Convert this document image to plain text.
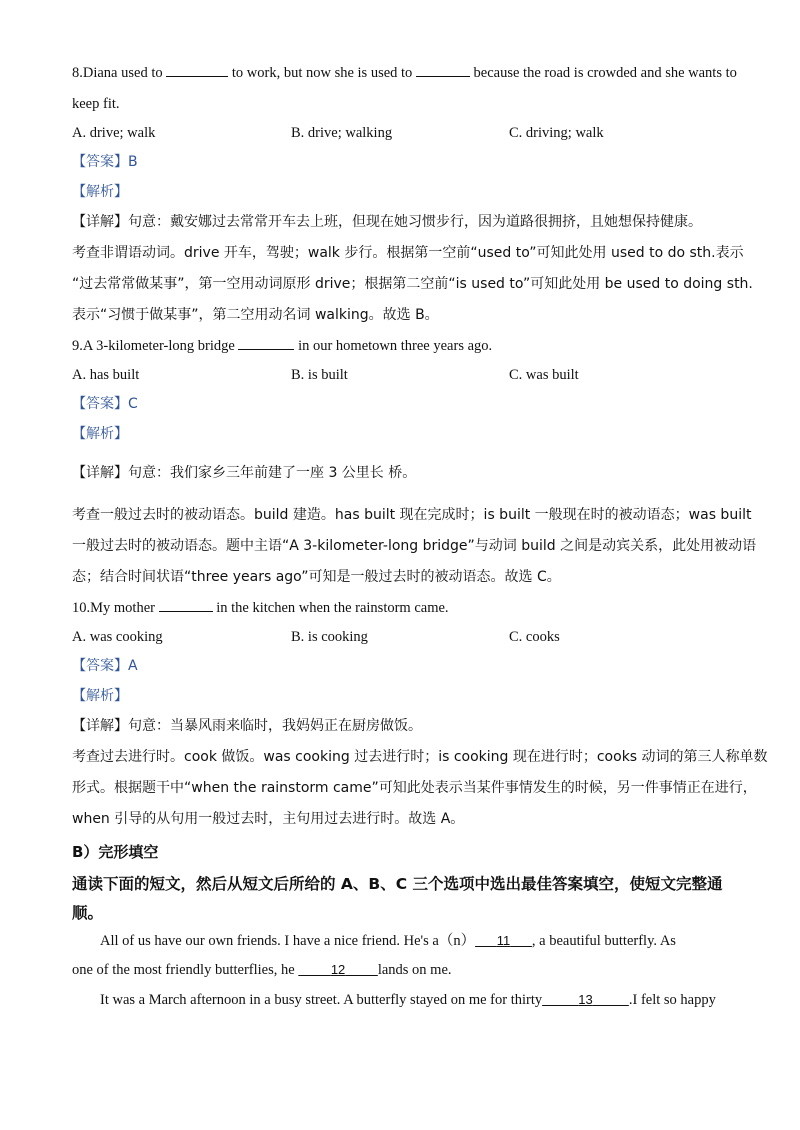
8.Diana used to	to work, but now she is used to	because the road is crowded and she wants to
keep fit.
A. drive; walk	B. drive; walking	C. driving; walk
【答案】B
【解析】
【详解】句意：戴安娜过去常常开车去上班，但现在她习惯步行，因为道路很拥挤，且她想保持健康。
考查非谓语动词。drive 开车，驾驶；walk 步行。根据第一空前“used to”可知此处用 used to do sth.表示
“过去常常做某事”，第一空用动词原形 drive；根据第二空前“is used to”可知此处用 be used to doing sth.
表示“习惯于做某事”，第二空用动名词 walking。故选 B。
9.A 3-kilometer-long bridge	in our hometown three years ago.
A. has built	B. is built	C. was built
【答案】C
【解析】
【详解】句意：我们家乡三年前建了一座 3 公里长 桥。
考查一般过去时的被动语态。build 建造。has built 现在完成时；is built 一般现在时的被动语态；was built
一般过去时的被动语态。题中主语“A 3-kilometer-long bridge”与动词 build 之间是动宾关系，此处用被动语
态；结合时间状语“three years ago”可知是一般过去时的被动语态。故选 C。
10.My mother	in the kitchen when the rainstorm came.
A. was cooking	B. is cooking	C. cooks
【答案】A
【解析】
【详解】句意：当暴风雨来临时，我妈妈正在厨房做饭。
考查过去进行时。cook 做饭。was cooking 过去进行时；is cooking 现在进行时；cooks 动词的第三人称单数
形式。根据题干中“when the rainstorm came”可知此处表示当某件事情发生的时候，另一件事情正在进行，
when 引导的从句用一般过去时，主句用过去进行时。故选 A。
B）完形填空
通读下面的短文，然后从短文后所给的 A、B、C 三个选项中选出最佳答案填空，使短文完整通
顺。
All of us have our own friends. I have a nice friend. He's a（n） 11 , a beautiful butterfly. As
one of the most friendly butterflies, he	12 lands on me.
It was a March afternoon in a busy street. A butterfly stayed on me for thirty	13 .I felt so happy
